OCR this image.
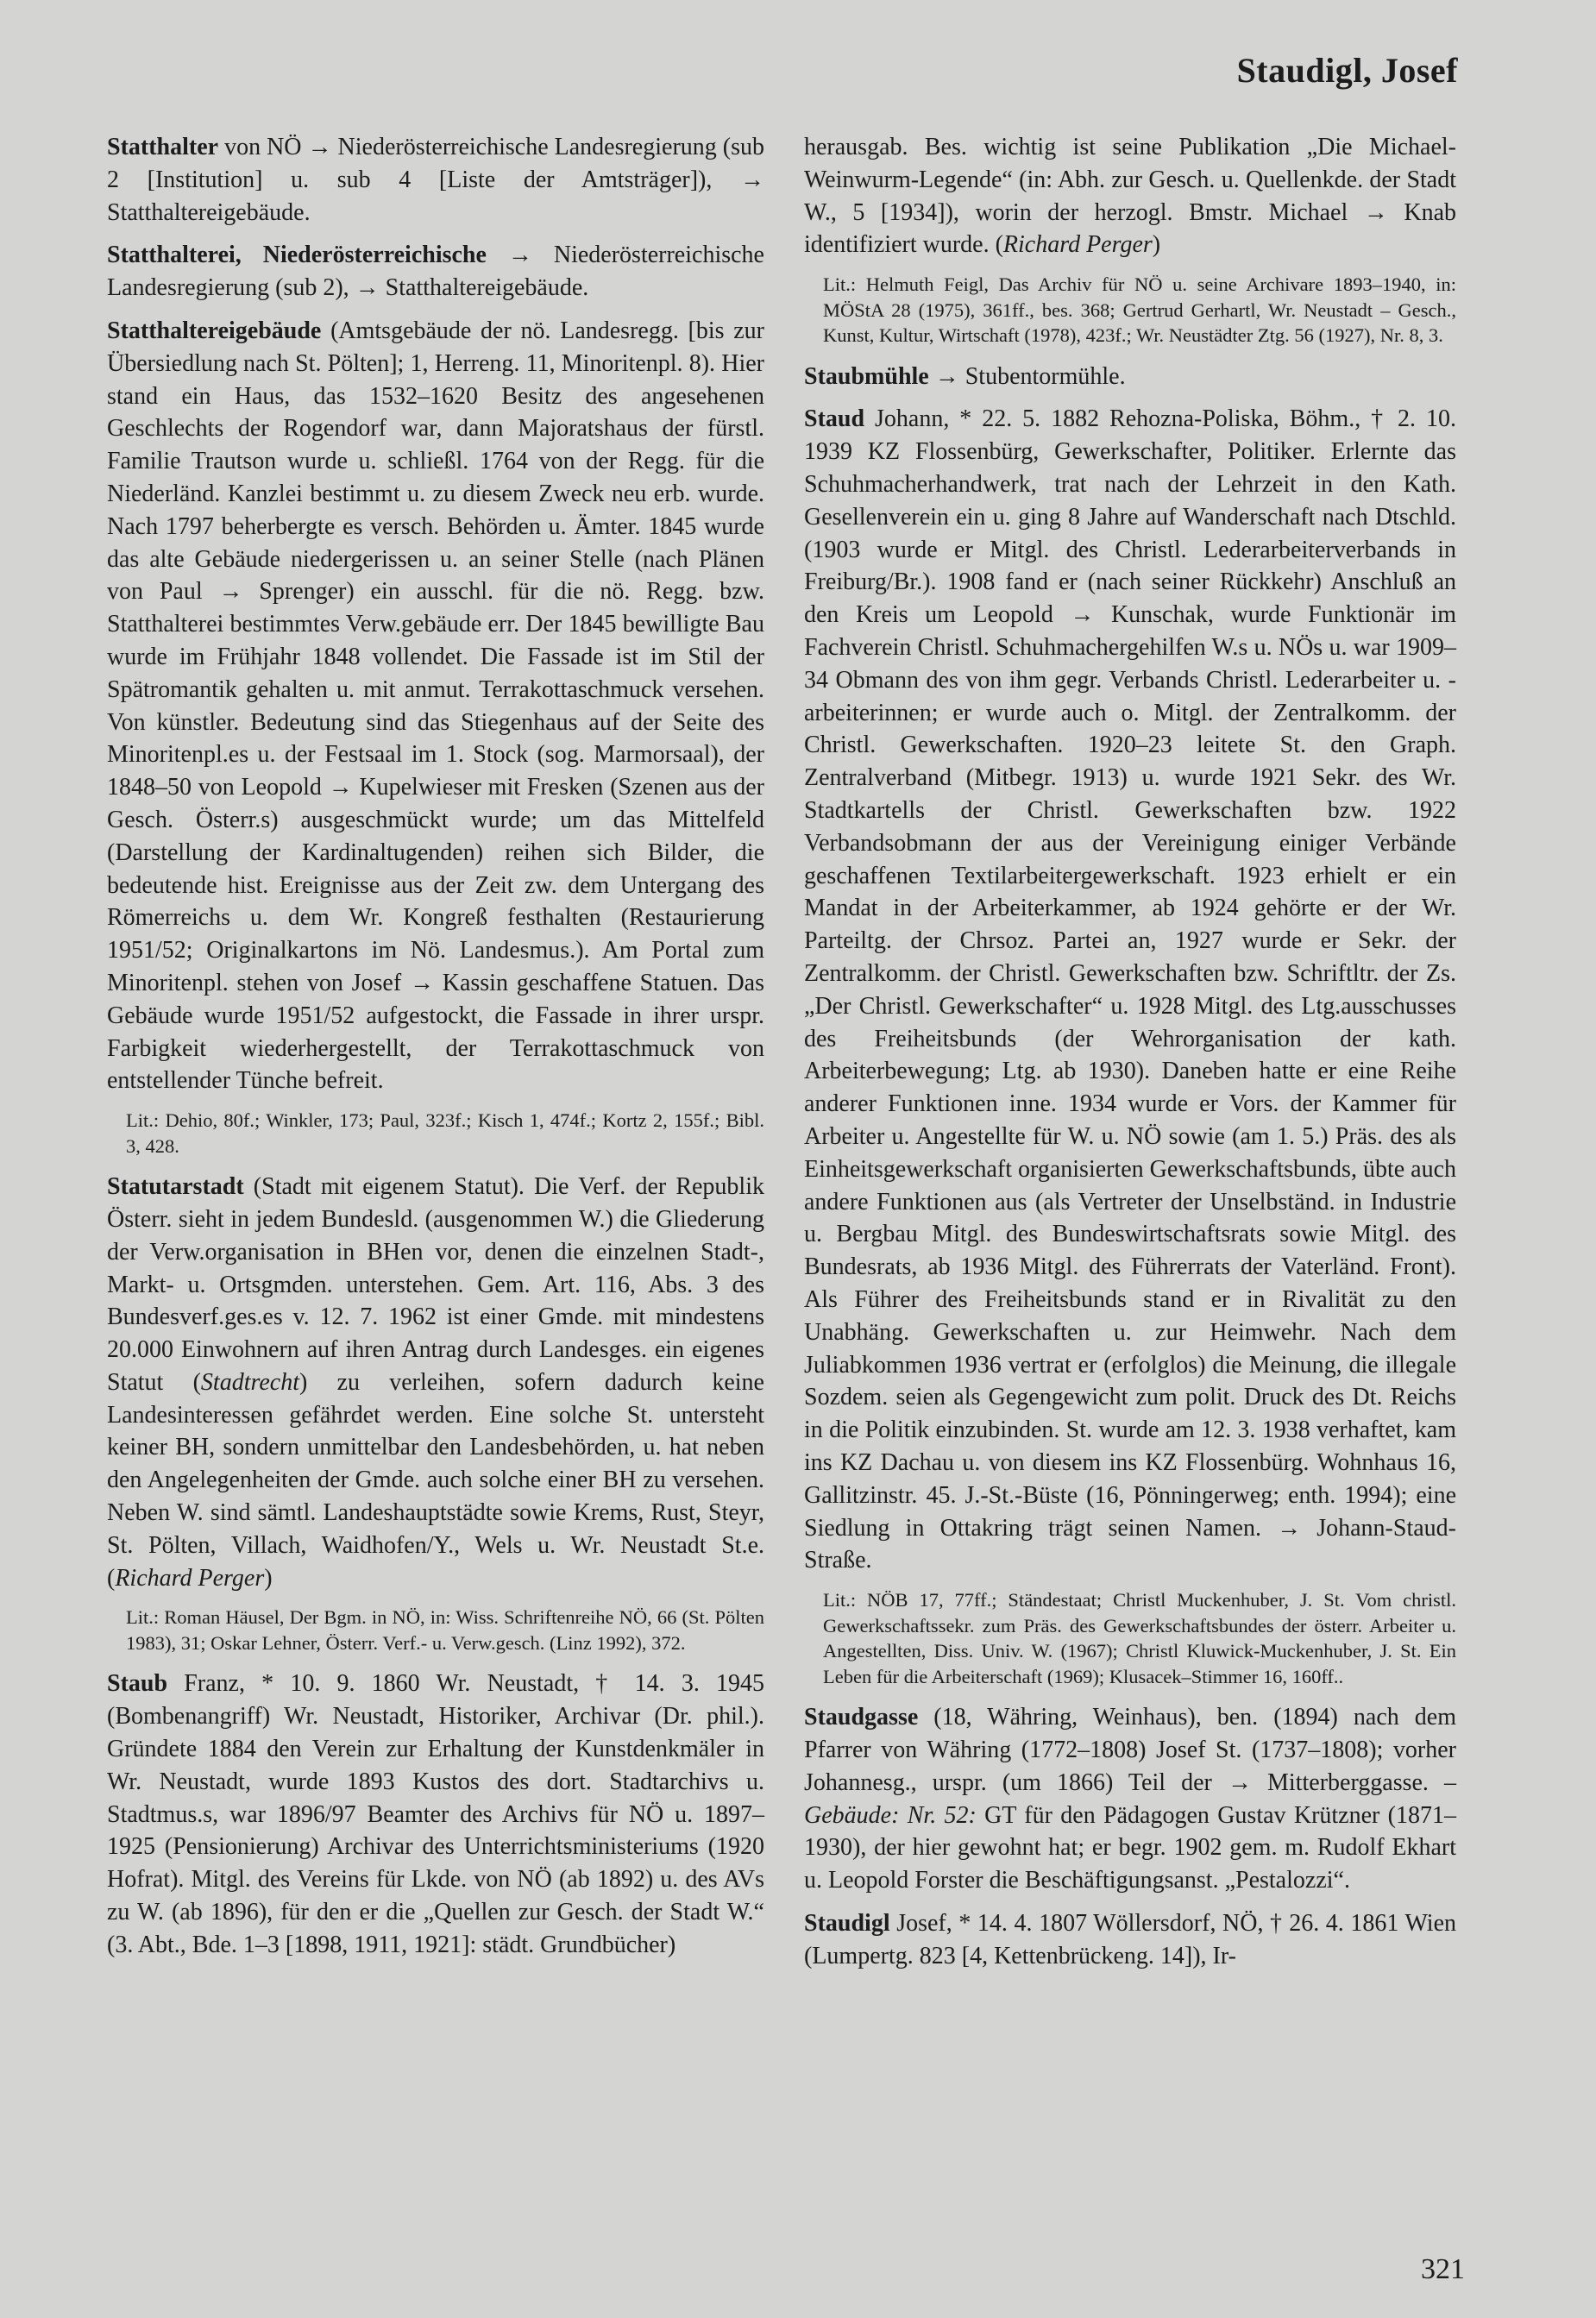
Staudigl, Josef

Statthalter von NÖ → Niederösterreichische Landesregierung (sub 2 [Institution] u. sub 4 [Liste der Amtsträger]), → Statthaltereigebäude.

Statthalterei, Niederösterreichische → Niederösterreichische Landesregierung (sub 2), → Statthaltereigebäude.

Statthaltereigebäude (Amtsgebäude der nö. Landesregg. [bis zur Übersiedlung nach St. Pölten]; 1, Herreng. 11, Minoritenpl. 8). Hier stand ein Haus, das 1532–1620 Besitz des angesehenen Geschlechts der Rogendorf war, dann Majoratshaus der fürstl. Familie Trautson wurde u. schließl. 1764 von der Regg. für die Niederländ. Kanzlei bestimmt u. zu diesem Zweck neu erb. wurde. Nach 1797 beherbergte es versch. Behörden u. Ämter. 1845 wurde das alte Gebäude niedergerissen u. an seiner Stelle (nach Plänen von Paul → Sprenger) ein ausschl. für die nö. Regg. bzw. Statthalterei bestimmtes Verw.gebäude err. Der 1845 bewilligte Bau wurde im Frühjahr 1848 vollendet. Die Fassade ist im Stil der Spätromantik gehalten u. mit anmut. Terrakottaschmuck versehen. Von künstler. Bedeutung sind das Stiegenhaus auf der Seite des Minoritenpl.es u. der Festsaal im 1. Stock (sog. Marmorsaal), der 1848–50 von Leopold → Kupelwieser mit Fresken (Szenen aus der Gesch. Österr.s) ausgeschmückt wurde; um das Mittelfeld (Darstellung der Kardinaltugenden) reihen sich Bilder, die bedeutende hist. Ereignisse aus der Zeit zw. dem Untergang des Römerreichs u. dem Wr. Kongreß festhalten (Restaurierung 1951/52; Originalkartons im Nö. Landesmus.). Am Portal zum Minoritenpl. stehen von Josef → Kassin geschaffene Statuen. Das Gebäude wurde 1951/52 aufgestockt, die Fassade in ihrer urspr. Farbigkeit wiederhergestellt, der Terrakottaschmuck von entstellender Tünche befreit.

Lit.: Dehio, 80f.; Winkler, 173; Paul, 323f.; Kisch 1, 474f.; Kortz 2, 155f.; Bibl. 3, 428.

Statutarstadt (Stadt mit eigenem Statut). Die Verf. der Republik Österr. sieht in jedem Bundesld. (ausgenommen W.) die Gliederung der Verw.organisation in BHen vor, denen die einzelnen Stadt-, Markt- u. Ortsgmden. unterstehen. Gem. Art. 116, Abs. 3 des Bundesverf.ges.es v. 12. 7. 1962 ist einer Gmde. mit mindestens 20.000 Einwohnern auf ihren Antrag durch Landesges. ein eigenes Statut (Stadtrecht) zu verleihen, sofern dadurch keine Landesinteressen gefährdet werden. Eine solche St. untersteht keiner BH, sondern unmittelbar den Landesbehörden, u. hat neben den Angelegenheiten der Gmde. auch solche einer BH zu versehen. Neben W. sind sämtl. Landeshauptstädte sowie Krems, Rust, Steyr, St. Pölten, Villach, Waidhofen/Y., Wels u. Wr. Neustadt St.e. (Richard Perger)

Lit.: Roman Häusel, Der Bgm. in NÖ, in: Wiss. Schriftenreihe NÖ, 66 (St. Pölten 1983), 31; Oskar Lehner, Österr. Verf.- u. Verw.gesch. (Linz 1992), 372.

Staub Franz, * 10. 9. 1860 Wr. Neustadt, † 14. 3. 1945 (Bombenangriff) Wr. Neustadt, Historiker, Archivar (Dr. phil.). Gründete 1884 den Verein zur Erhaltung der Kunstdenkmäler in Wr. Neustadt, wurde 1893 Kustos des dort. Stadtarchivs u. Stadtmus.s, war 1896/97 Beamter des Archivs für NÖ u. 1897–1925 (Pensionierung) Archivar des Unterrichtsministeriums (1920 Hofrat). Mitgl. des Vereins für Lkde. von NÖ (ab 1892) u. des AVs zu W. (ab 1896), für den er die „Quellen zur Gesch. der Stadt W.“ (3. Abt., Bde. 1–3 [1898, 1911, 1921]: städt. Grundbücher)

herausgab. Bes. wichtig ist seine Publikation „Die Michael-Weinwurm-Legende“ (in: Abh. zur Gesch. u. Quellenkde. der Stadt W., 5 [1934]), worin der herzogl. Bmstr. Michael → Knab identifiziert wurde. (Richard Perger)

Lit.: Helmuth Feigl, Das Archiv für NÖ u. seine Archivare 1893–1940, in: MÖStA 28 (1975), 361ff., bes. 368; Gertrud Gerhartl, Wr. Neustadt – Gesch., Kunst, Kultur, Wirtschaft (1978), 423f.; Wr. Neustädter Ztg. 56 (1927), Nr. 8, 3.

Staubmühle → Stubentormühle.

Staud Johann, * 22. 5. 1882 Rehozna-Poliska, Böhm., † 2. 10. 1939 KZ Flossenbürg, Gewerkschafter, Politiker. Erlernte das Schuhmacherhandwerk, trat nach der Lehrzeit in den Kath. Gesellenverein ein u. ging 8 Jahre auf Wanderschaft nach Dtschld. (1903 wurde er Mitgl. des Christl. Lederarbeiterverbands in Freiburg/Br.). 1908 fand er (nach seiner Rückkehr) Anschluß an den Kreis um Leopold → Kunschak, wurde Funktionär im Fachverein Christl. Schuhmachergehilfen W.s u. NÖs u. war 1909–34 Obmann des von ihm gegr. Verbands Christl. Lederarbeiter u. -arbeiterinnen; er wurde auch o. Mitgl. der Zentralkomm. der Christl. Gewerkschaften. 1920–23 leitete St. den Graph. Zentralverband (Mitbegr. 1913) u. wurde 1921 Sekr. des Wr. Stadtkartells der Christl. Gewerkschaften bzw. 1922 Verbandsobmann der aus der Vereinigung einiger Verbände geschaffenen Textilarbeitergewerkschaft. 1923 erhielt er ein Mandat in der Arbeiterkammer, ab 1924 gehörte er der Wr. Parteiltg. der Chrsoz. Partei an, 1927 wurde er Sekr. der Zentralkomm. der Christl. Gewerkschaften bzw. Schriftltr. der Zs. „Der Christl. Gewerkschafter“ u. 1928 Mitgl. des Ltg.ausschusses des Freiheitsbunds (der Wehrorganisation der kath. Arbeiterbewegung; Ltg. ab 1930). Daneben hatte er eine Reihe anderer Funktionen inne. 1934 wurde er Vors. der Kammer für Arbeiter u. Angestellte für W. u. NÖ sowie (am 1. 5.) Präs. des als Einheitsgewerkschaft organisierten Gewerkschaftsbunds, übte auch andere Funktionen aus (als Vertreter der Unselbständ. in Industrie u. Bergbau Mitgl. des Bundeswirtschaftsrats sowie Mitgl. des Bundesrats, ab 1936 Mitgl. des Führerrats der Vaterländ. Front). Als Führer des Freiheitsbunds stand er in Rivalität zu den Unabhäng. Gewerkschaften u. zur Heimwehr. Nach dem Juliabkommen 1936 vertrat er (erfolglos) die Meinung, die illegale Sozdem. seien als Gegengewicht zum polit. Druck des Dt. Reichs in die Politik einzubinden. St. wurde am 12. 3. 1938 verhaftet, kam ins KZ Dachau u. von diesem ins KZ Flossenbürg. Wohnhaus 16, Gallitzinstr. 45. J.-St.-Büste (16, Pönningerweg; enth. 1994); eine Siedlung in Ottakring trägt seinen Namen. → Johann-Staud-Straße.

Lit.: NÖB 17, 77ff.; Ständestaat; Christl Muckenhuber, J. St. Vom christl. Gewerkschaftssekr. zum Präs. des Gewerkschaftsbundes der österr. Arbeiter u. Angestellten, Diss. Univ. W. (1967); Christl Kluwick-Muckenhuber, J. St. Ein Leben für die Arbeiterschaft (1969); Klusacek–Stimmer 16, 160ff..

Staudgasse (18, Währing, Weinhaus), ben. (1894) nach dem Pfarrer von Währing (1772–1808) Josef St. (1737–1808); vorher Johannesg., urspr. (um 1866) Teil der → Mitterberggasse. – Gebäude: Nr. 52: GT für den Pädagogen Gustav Krützner (1871–1930), der hier gewohnt hat; er begr. 1902 gem. m. Rudolf Ekhart u. Leopold Forster die Beschäftigungsanst. „Pestalozzi“.

Staudigl Josef, * 14. 4. 1807 Wöllersdorf, NÖ, † 26. 4. 1861 Wien (Lumpertg. 823 [4, Kettenbrückeng. 14]), Ir-

321
